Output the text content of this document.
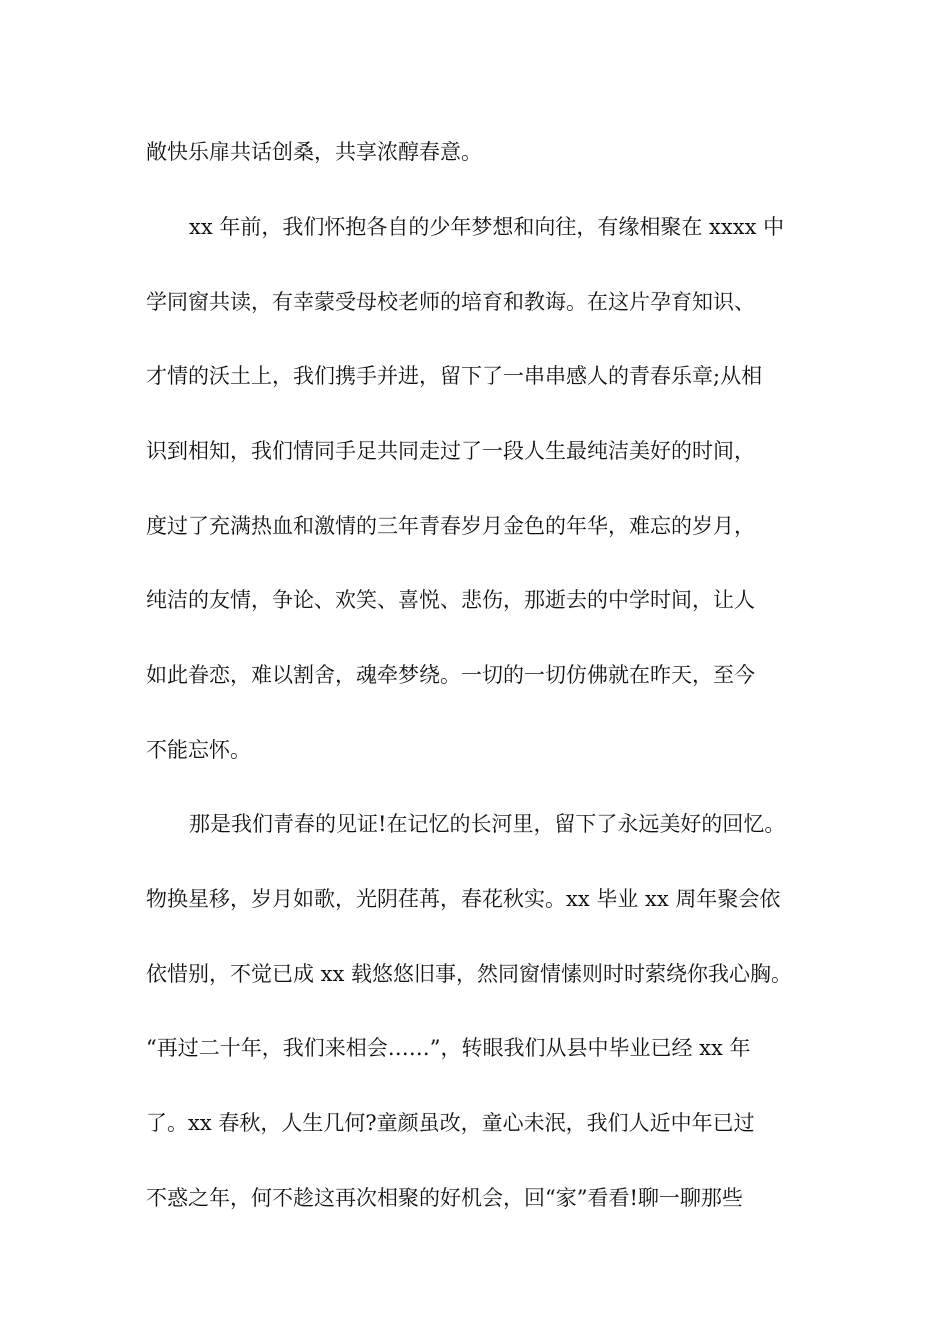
敞快乐扉共话创桑，共享浓醇春意。
xx 年前，我们怀抱各自的少年梦想和向往，有缘相聚在 xxxx 中
学同窗共读，有幸蒙受母校老师的培育和教诲。在这片孕育知识、
才情的沃土上，我们携手并进，留下了一串串感人的青春乐章;从相
识到相知，我们情同手足共同走过了一段人生最纯洁美好的时间，
度过了充满热血和激情的三年青春岁月金色的年华，难忘的岁月，
纯洁的友情，争论、欢笑、喜悦、悲伤，那逝去的中学时间，让人
如此眷恋，难以割舍，魂牵梦绕。一切的一切仿佛就在昨天，至今
不能忘怀。
那是我们青春的见证!在记忆的长河里，留下了永远美好的回忆。
物换星移，岁月如歌，光阴荏苒，春花秋实。xx 毕业 xx 周年聚会依
依惜别，不觉已成 xx 载悠悠旧事，然同窗情愫则时时萦绕你我心胸。
“再过二十年，我们来相会……”，转眼我们从县中毕业已经 xx 年
了。xx 春秋，人生几何?童颜虽改，童心未泯，我们人近中年已过
不惑之年，何不趁这再次相聚的好机会，回“家”看看!聊一聊那些
